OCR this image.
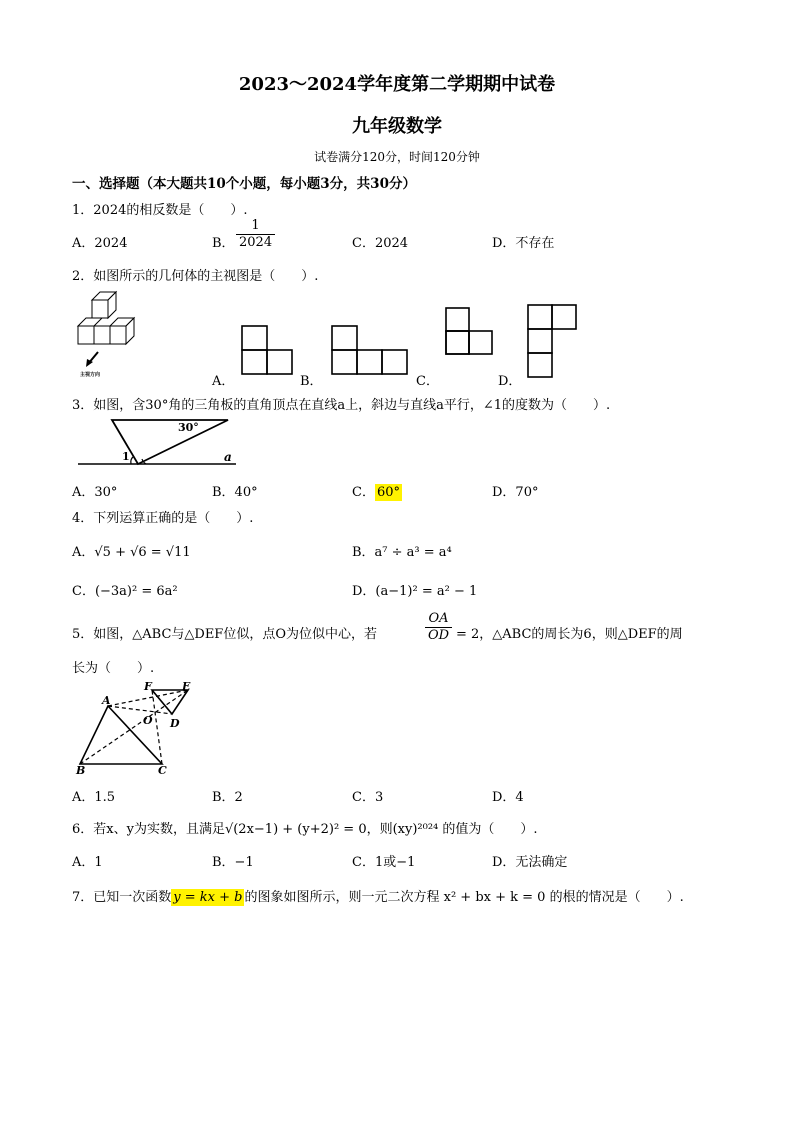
2023～2024学年度第二学期期中试卷
九年级数学
试卷满分120分，时间120分钟
一、选择题（本大题共10个小题，每小题3分，共30分）
1．2024的相反数是（　　）.
A．2024	B． $\frac{1}{2024}$	C．2024	D．不存在
2．如图所示的几何体的主视图是（　　）.
主视方向	A．	B．	C．	D．
3．如图，含30°角的三角板的直角顶点在直线a上，斜边与直线a平行，∠1的度数为（　　）.
30°
1	a
A．30°	B．40°	C． 60°	D．70°
4．下列运算正确的是（　　）.
A．√5 + √6 = √11	B．a⁷ ÷ a³ = a⁴
C．(−3a)² = 6a²	D．(a−1)² = a² − 1
5．如图，△ABC与△DEF位似，点O为位似中心，若	$\frac{OA}{OD} = 2$，△ABC的周长为6，则△DEF的周
长为（　　）.
A
B	C
D
E
F
O
A．1.5	B．2	C．3	D．4
6．若x、y为实数，且满足√(2x−1) + (y+2)² = 0，则(xy)²⁰²⁴ 的值为（　　）.
A．1	B．−1	C．1或−1	D．无法确定
7．已知一次函数 y = kx + b 的图象如图所示，则一元二次方程 x² + bx + k = 0 的根的情况是（　　）.
